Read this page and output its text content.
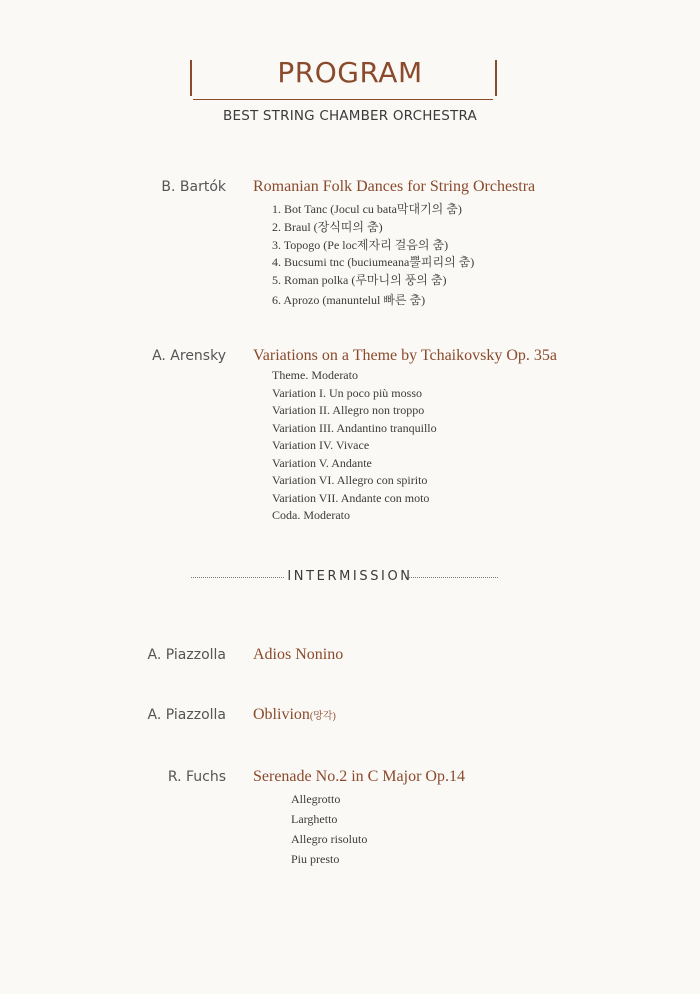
PROGRAM
BEST STRING CHAMBER ORCHESTRA
B. Bartók Romanian Folk Dances for String Orchestra
1. Bot Tanc (Jocul cu bata막대기의 춤)
2. Braul (장식띠의 춤)
3. Topogo (Pe loc제자리 걸음의 춤)
4. Bucsumi tnc (buciumeana뿔피리의 춤)
5. Roman polka (루마니의 풍의 춤)
6. Aprozo (manuntelul 빠른 춤)
A. Arensky Variations on a Theme by Tchaikovsky Op. 35a
Theme. Moderato
Variation I. Un poco più mosso
Variation II. Allegro non troppo
Variation III. Andantino tranquillo
Variation IV. Vivace
Variation V. Andante
Variation VI. Allegro con spirito
Variation VII. Andante con moto
Coda. Moderato
INTERMISSION
A. Piazzolla Adios Nonino
A. Piazzolla Oblivion(망각)
R. Fuchs Serenade No.2 in C Major Op.14
Allegrotto
Larghetto
Allegro risoluto
Piu presto
